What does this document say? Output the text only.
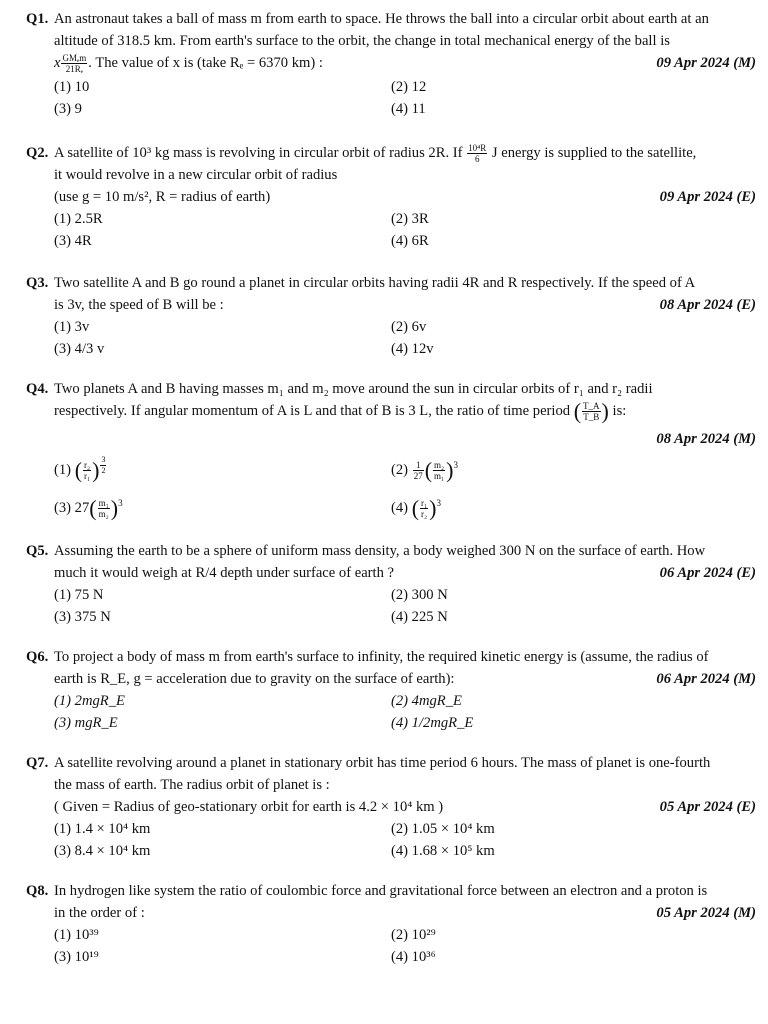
Q1. An astronaut takes a ball of mass m from earth to space. He throws the ball into a circular orbit about earth at an
altitude of 318.5 km. From earth's surface to the orbit, the change in total mechanical energy of the ball is
x $\frac{\text{GMₑm}}{\text{21Rₑ}}$ . The value of x is (take Rₑ = 6370 km) :	09 Apr 2024 (M)
(1) 10	(2) 12
(3) 9	(4) 11
Q2. A satellite of 10³ kg mass is revolving in circular orbit of radius 2R. If $\frac{\text{10⁴R}}{6}$ J energy is supplied to the satellite,
it would revolve in a new circular orbit of radius
(use g = 10 m/s², R = radius of earth)	09 Apr 2024 (E)
(1) 2.5R	(2) 3R
(3) 4R	(4) 6R
Q3. Two satellite A and B go round a planet in circular orbits having radii 4R and R respectively. If the speed of A
is 3v, the speed of B will be :	08 Apr 2024 (E)
(1) 3v	(2) 6v
(3) 4/3 v	(4) 12v
Q4. Two planets A and B having masses m₁ and m₂ move around the sun in circular orbits of r₁ and r₂ radii
respectively. If angular momentum of A is L and that of B is 3 L, the ratio of time period ( $\frac{T\_A}{T\_B}$ ) is:
08 Apr 2024 (M)
(1) ( $\frac{\text{r₂}}{\text{r₁}}$ ) $^{\frac{3}{2}}$	$(2) \frac{1}{27}$ ( $\frac{\text{m₂}}{\text{m₁}} )^3$
(3) $27( \frac{\text{m₁}}{\text{m₂}} )^3$	(4) ( $\frac{\text{r₁}}{\text{r₂}} )^3$
Q5. Assuming the earth to be a sphere of uniform mass density, a body weighed 300 N on the surface of earth. How
much it would weigh at R/4 depth under surface of earth ?	06 Apr 2024 (E)
(1) 75 N	(2) 300 N
(3) 375 N	(4) 225 N
Q6. To project a body of mass m from earth's surface to infinity, the required kinetic energy is (assume, the radius of
earth is R_E, g = acceleration due to gravity on the surface of earth):	06 Apr 2024 (M)
(1) 2mgR_E	(2) 4mgR_E
(3) mgR_E	(4) 1/2mgR_E
Q7. A satellite revolving around a planet in stationary orbit has time period 6 hours. The mass of planet is one-fourth
the mass of earth. The radius orbit of planet is :
( Given = Radius of geo-stationary orbit for earth is 4.2 × 10⁴ km )	05 Apr 2024 (E)
(1) 1.4 × 10⁴ km	(2) 1.05 × 10⁴ km
(3) 8.4 × 10⁴ km	(4) 1.68 × 10⁵ km
Q8. In hydrogen like system the ratio of coulombic force and gravitational force between an electron and a proton is
in the order of :	05 Apr 2024 (M)
(1) 10³⁹	(2) 10²⁹
(3) 10¹⁹	(4) 10³⁶
